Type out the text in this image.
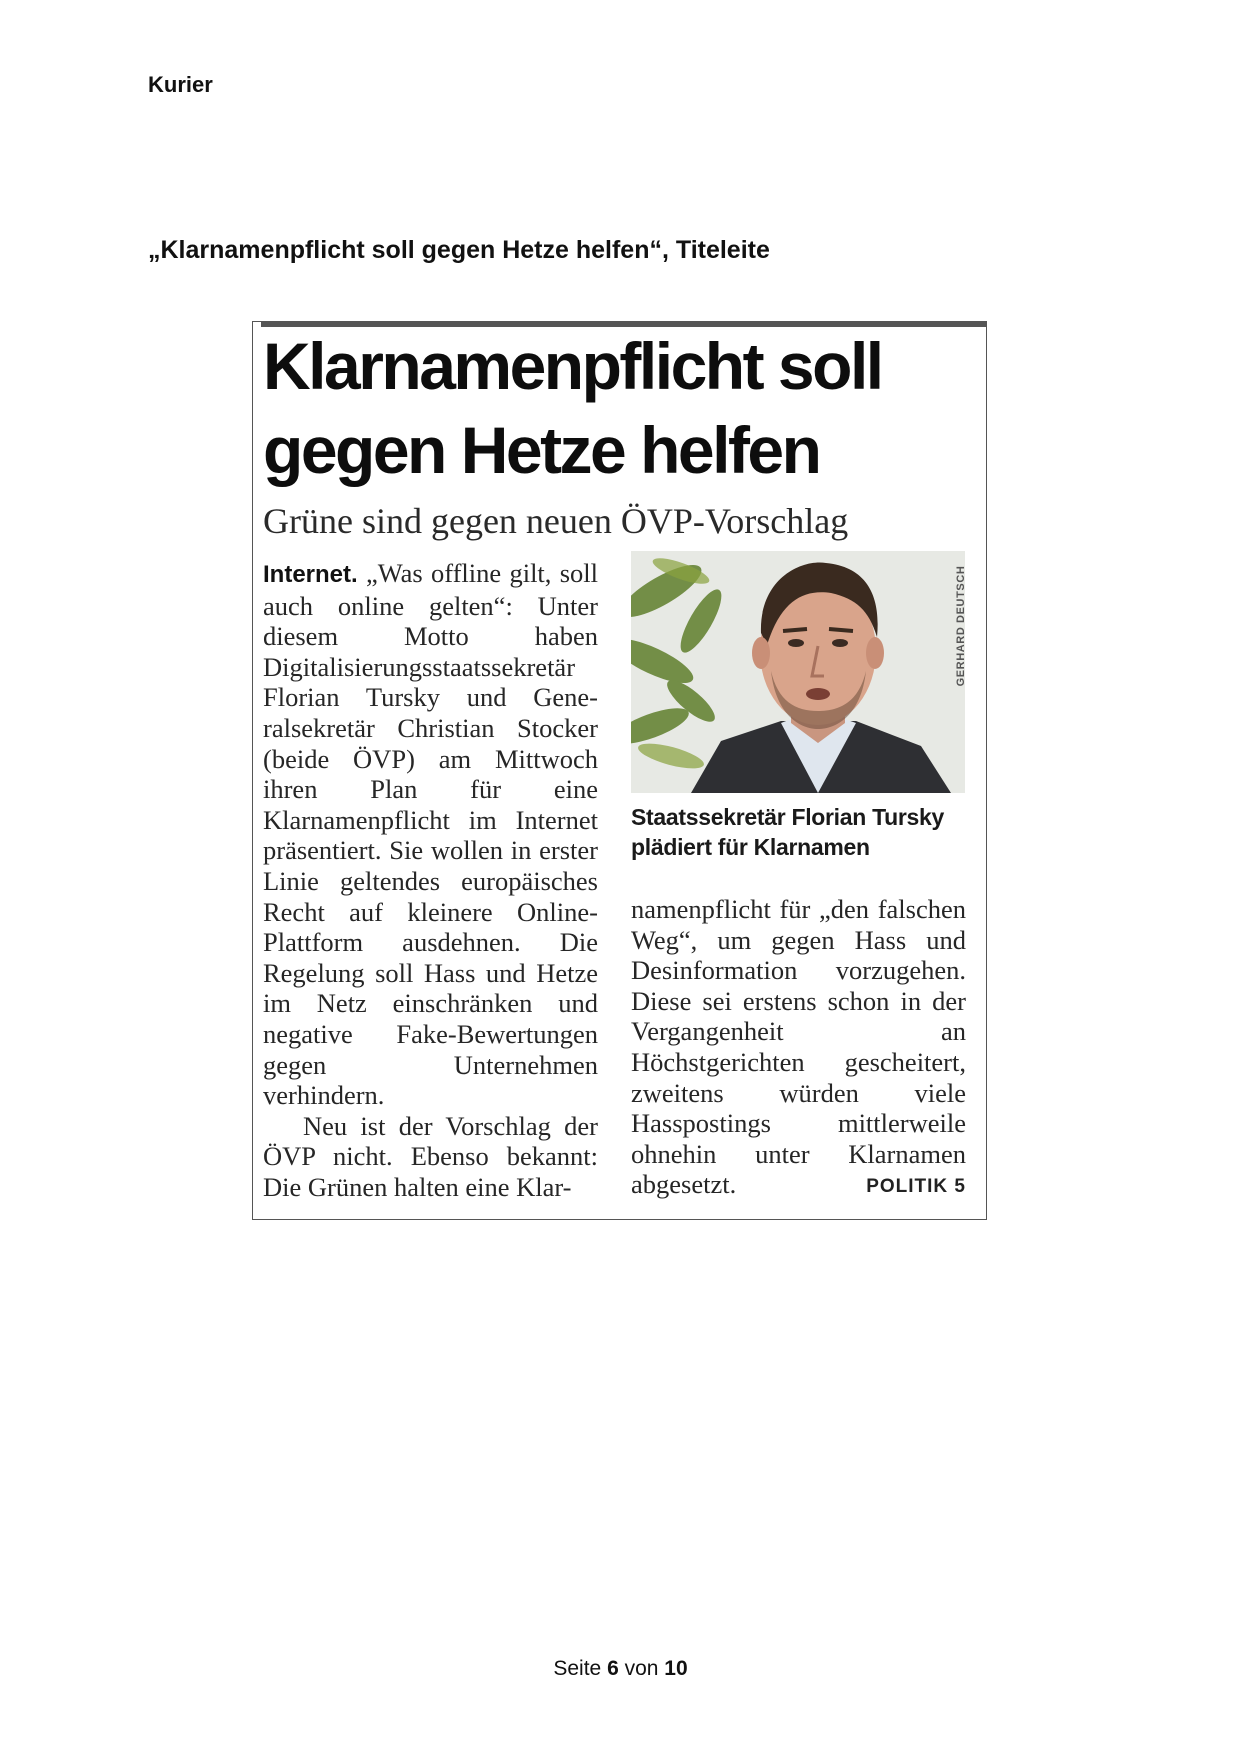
Kurier
„Klarnamenpflicht soll gegen Hetze helfen“, Titeleite
Klarnamenpflicht soll
gegen Hetze helfen
Grüne sind gegen neuen ÖVP-Vorschlag
Internet. „Was offline gilt, soll auch online gelten“: Unter diesem Motto haben Digitalisierungsstaatssekretär Florian Tursky und Generalsekretär Christian Stocker (beide ÖVP) am Mittwoch ihren Plan für eine Klarnamenpflicht im Internet präsentiert. Sie wollen in erster Linie geltendes europäisches Recht auf kleinere Online-Plattform ausdehnen. Die Regelung soll Hass und Hetze im Netz einschränken und negative Fake-Bewertungen gegen Unternehmen verhindern.
Neu ist der Vorschlag der ÖVP nicht. Ebenso bekannt: Die Grünen halten eine Klar-
GERHARD DEUTSCH
Staatssekretär Florian Tursky plädiert für Klarnamen
namenpflicht für „den falschen Weg“, um gegen Hass und Desinformation vorzugehen. Diese sei erstens schon in der Vergangenheit an Höchstgerichten gescheitert, zweitens würden viele Hasspostings mittlerweile ohnehin unter Klarnamen abgesetzt.	POLITIK 5
Seite 6 von 10
